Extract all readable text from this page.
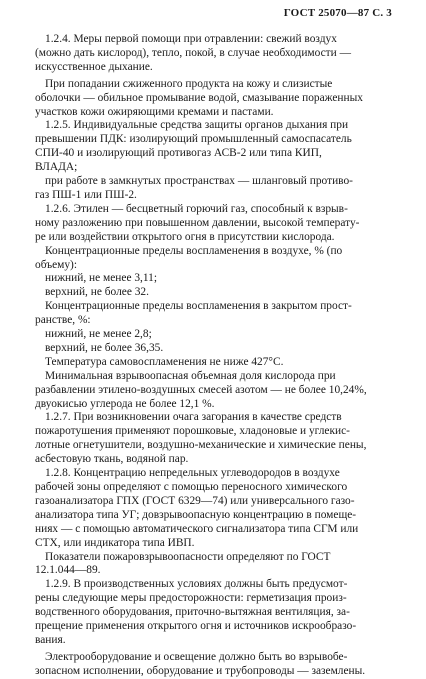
ГОСТ 25070—87 С. 3
1.2.4. Меры первой помощи при отравлении: свежий воздух
(можно дать кислород), тепло, покой, в случае необходимости —
искусственное дыхание.
При попадании сжиженного продукта на кожу и слизистые
оболочки — обильное промывание водой, смазывание пораженных
участков кожи ожиряющими кремами и пастами.
1.2.5. Индивидуальные средства защиты органов дыхания при
превышении ПДК: изолирующий промышленный самоспасатель
СПИ-40 и изолирующий противогаз АСВ-2 или типа КИП,
ВЛАДА;
при работе в замкнутых пространствах — шланговый противо-
газ ПШ-1 или ПШ-2.
1.2.6. Этилен — бесцветный горючий газ, способный к взрыв-
ному разложению при повышенном давлении, высокой температу-
ре или воздействии открытого огня в присутствии кислорода.
Концентрационные пределы воспламенения в воздухе, % (по
объему):
нижний, не менее 3,11;
верхний, не более 32.
Концентрационные пределы воспламенения в закрытом прост-
ранстве, %:
нижний, не менее 2,8;
верхний, не более 36,35.
Температура самовоспламенения не ниже 427°С.
Минимальная взрывоопасная объемная доля кислорода при
разбавлении этилено-воздушных смесей азотом — не более 10,24%,
двуокисью углерода не более 12,1 %.
1.2.7. При возникновении очага загорания в качестве средств
пожаротушения применяют порошковые, хладоновые и углекис-
лотные огнетушители, воздушно-механические и химические пены,
асбестовую ткань, водяной пар.
1.2.8. Концентрацию непредельных углеводородов в воздухе
рабочей зоны определяют с помощью переносного химического
газоанализатора ГПХ (ГОСТ 6329—74) или универсального газо-
анализатора типа УГ; довзрывоопасную концентрацию в помеще-
ниях — с помощью автоматического сигнализатора типа СГМ или
СТХ, или индикатора типа ИВП.
Показатели пожаровзрывоопасности определяют по ГОСТ
12.1.044—89.
1.2.9. В производственных условиях должны быть предусмот-
рены следующие меры предосторожности: герметизация произ-
водственного оборудования, приточно-вытяжная вентиляция, за-
прещение применения открытого огня и источников искрообразо-
вания.
Электрооборудование и освещение должно быть во взрывобе-
зопасном исполнении, оборудование и трубопроводы — заземлены.
